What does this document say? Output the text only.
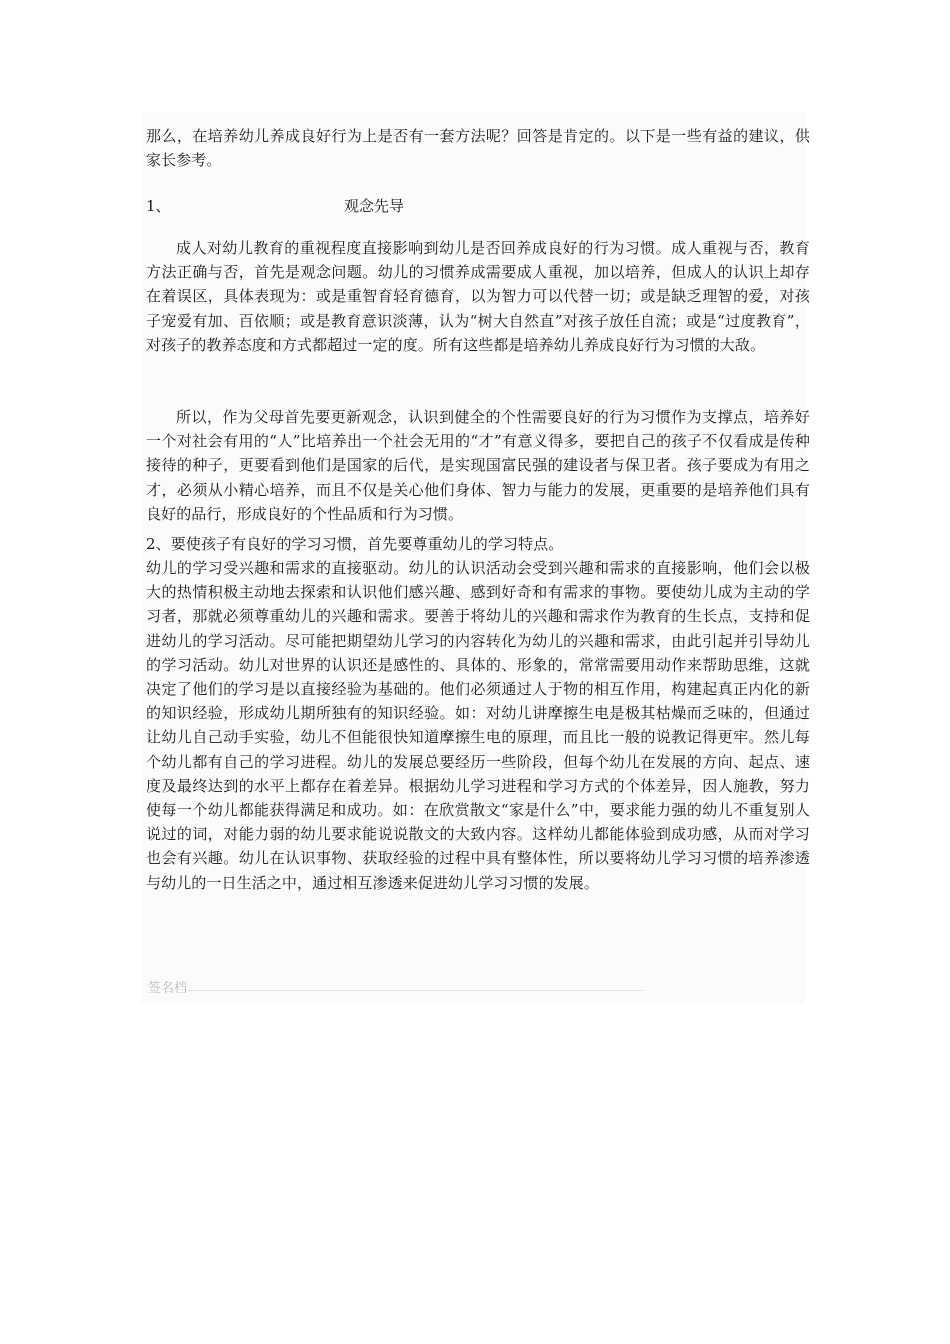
那么，在培养幼儿养成良好行为上是否有一套方法呢？回答是肯定的。以下是一些有益的建议，供家长参考。
1、	观念先导
成人对幼儿教育的重视程度直接影响到幼儿是否回养成良好的行为习惯。成人重视与否，教育方法正确与否，首先是观念问题。幼儿的习惯养成需要成人重视，加以培养，但成人的认识上却存在着误区，具体表现为：或是重智育轻育德育，以为智力可以代替一切；或是缺乏理智的爱，对孩子宠爱有加、百依顺；或是教育意识淡薄，认为“树大自然直”对孩子放任自流；或是“过度教育”，对孩子的教养态度和方式都超过一定的度。所有这些都是培养幼儿养成良好行为习惯的大敌。
所以，作为父母首先要更新观念，认识到健全的个性需要良好的行为习惯作为支撑点，培养好一个对社会有用的“人”比培养出一个社会无用的“才”有意义得多，要把自己的孩子不仅看成是传种接待的种子，更要看到他们是国家的后代，是实现国富民强的建设者与保卫者。孩子要成为有用之才，必须从小精心培养，而且不仅是关心他们身体、智力与能力的发展，更重要的是培养他们具有良好的品行，形成良好的个性品质和行为习惯。
2、要使孩子有良好的学习习惯，首先要尊重幼儿的学习特点。
幼儿的学习受兴趣和需求的直接驱动。幼儿的认识活动会受到兴趣和需求的直接影响，他们会以极大的热情积极主动地去探索和认识他们感兴趣、感到好奇和有需求的事物。要使幼儿成为主动的学习者，那就必须尊重幼儿的兴趣和需求。要善于将幼儿的兴趣和需求作为教育的生长点，支持和促进幼儿的学习活动。尽可能把期望幼儿学习的内容转化为幼儿的兴趣和需求，由此引起并引导幼儿的学习活动。幼儿对世界的认识还是感性的、具体的、形象的，常常需要用动作来帮助思维，这就决定了他们的学习是以直接经验为基础的。他们必须通过人于物的相互作用，构建起真正内化的新的知识经验，形成幼儿期所独有的知识经验。如：对幼儿讲摩擦生电是极其枯燥而乏味的，但通过让幼儿自己动手实验，幼儿不但能很快知道摩擦生电的原理，而且比一般的说教记得更牢。然儿每个幼儿都有自己的学习进程。幼儿的发展总要经历一些阶段，但每个幼儿在发展的方向、起点、速度及最终达到的水平上都存在着差异。根据幼儿学习进程和学习方式的个体差异，因人施教，努力使每一个幼儿都能获得满足和成功。如：在欣赏散文“家是什么”中，要求能力强的幼儿不重复别人说过的词，对能力弱的幼儿要求能说说散文的大致内容。这样幼儿都能体验到成功感，从而对学习也会有兴趣。幼儿在认识事物、获取经验的过程中具有整体性，所以要将幼儿学习习惯的培养渗透与幼儿的一日生活之中，通过相互渗透来促进幼儿学习习惯的发展。
签名档
